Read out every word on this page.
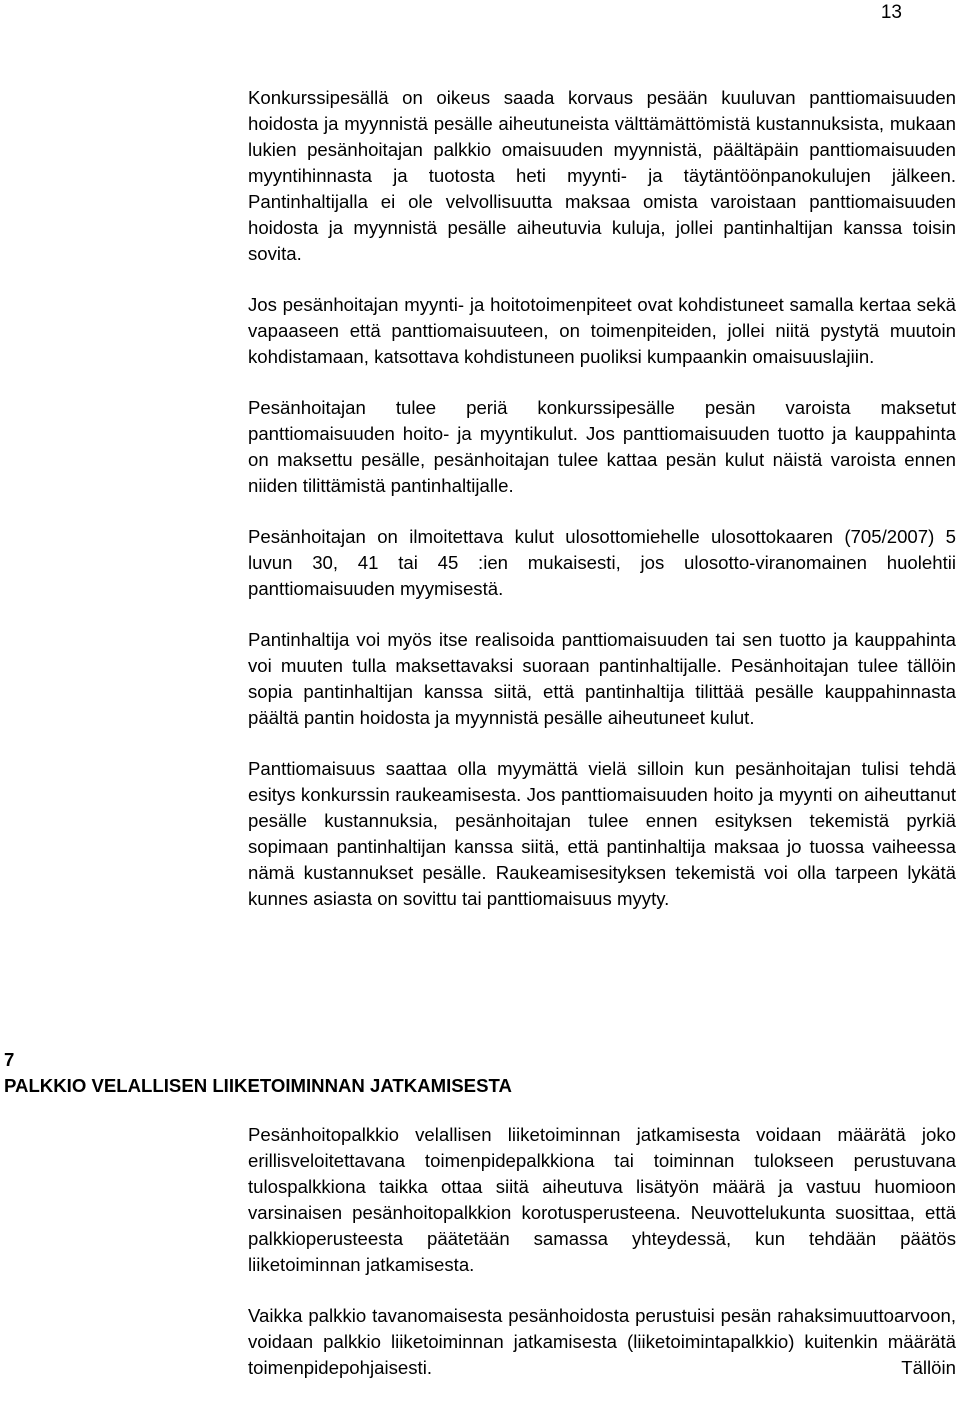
13

Konkurssipesällä on oikeus saada korvaus pesään kuuluvan panttiomaisuuden hoidosta ja myynnistä pesälle aiheutuneista välttämättömistä kustannuksista, mukaan lukien pesänhoitajan palkkio omaisuuden myynnistä, päältäpäin panttiomaisuuden myyntihinnasta ja tuotosta heti myynti- ja täytäntöönpanokulujen jälkeen. Pantinhaltijalla ei ole velvollisuutta maksaa omista varoistaan panttiomaisuuden hoidosta ja myynnistä pesälle aiheutuvia kuluja, jollei pantinhaltijan kanssa toisin sovita.

Jos pesänhoitajan myynti- ja hoitotoimenpiteet ovat kohdistuneet samalla kertaa sekä vapaaseen että panttiomaisuuteen, on toimenpiteiden, jollei niitä pystytä muutoin kohdistamaan, katsottava kohdistuneen puoliksi kumpaankin omaisuuslajiin.

Pesänhoitajan tulee periä konkurssipesälle pesän varoista maksetut panttiomaisuuden hoito- ja myyntikulut. Jos panttiomaisuuden tuotto ja kauppahinta on maksettu pesälle, pesänhoitajan tulee kattaa pesän kulut näistä varoista ennen niiden tilittämistä pantinhaltijalle.

Pesänhoitajan on ilmoitettava kulut ulosottomiehelle ulosottokaaren (705/2007) 5 luvun 30, 41 tai 45 :ien mukaisesti, jos ulosotto-viranomainen huolehtii panttiomaisuuden myymisestä.

Pantinhaltija voi myös itse realisoida panttiomaisuuden tai sen tuotto ja kauppahinta voi muuten tulla maksettavaksi suoraan pantinhaltijalle. Pesänhoitajan tulee tällöin sopia pantinhaltijan kanssa siitä, että pantinhaltija tilittää pesälle kauppahinnasta päältä pantin hoidosta ja myynnistä pesälle aiheutuneet kulut.

Panttiomaisuus saattaa olla myymättä vielä silloin kun pesänhoitajan tulisi tehdä esitys konkurssin raukeamisesta. Jos panttiomaisuuden hoito ja myynti on aiheuttanut pesälle kustannuksia, pesänhoitajan tulee ennen esityksen tekemistä pyrkiä sopimaan pantinhaltijan kanssa siitä, että pantinhaltija maksaa jo tuossa vaiheessa nämä kustannukset pesälle. Raukeamisesityksen tekemistä voi olla tarpeen lykätä kunnes asiasta on sovittu tai panttiomaisuus myyty.

7
PALKKIO VELALLISEN LIIKETOIMINNAN JATKAMISESTA

Pesänhoitopalkkio velallisen liiketoiminnan jatkamisesta voidaan määrätä joko erillisveloitettavana toimenpidepalkkiona tai toiminnan tulokseen perustuvana tulospalkkiona taikka ottaa siitä aiheutuva lisätyön määrä ja vastuu huomioon varsinaisen pesänhoitopalkkion korotusperusteena. Neuvottelukunta suosittaa, että palkkioperusteesta päätetään samassa yhteydessä, kun tehdään päätös liiketoiminnan jatkamisesta.

Vaikka palkkio tavanomaisesta pesänhoidosta perustuisi pesän rahaksimuuttoarvoon, voidaan palkkio liiketoiminnan jatkamisesta (liiketoimintapalkkio) kuitenkin määrätä toimenpidepohjaisesti. Tällöin
